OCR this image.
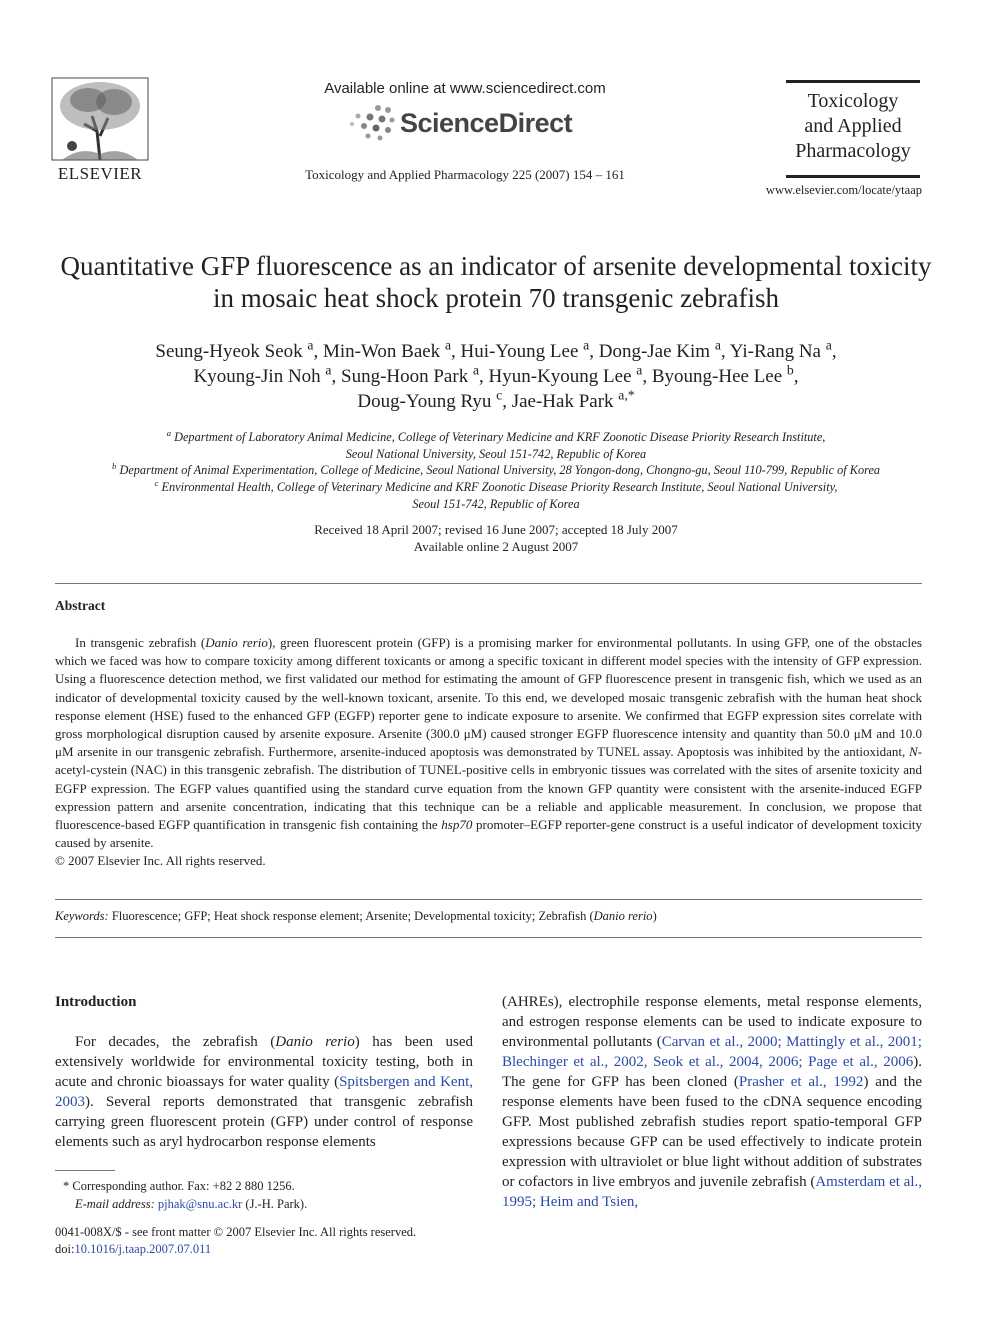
ELSEVIER
Available online at www.sciencedirect.com
ScienceDirect
Toxicology and Applied Pharmacology 225 (2007) 154 – 161
Toxicology
and Applied
Pharmacology
www.elsevier.com/locate/ytaap
Quantitative GFP fluorescence as an indicator of arsenite developmental toxicity in mosaic heat shock protein 70 transgenic zebrafish
Seung-Hyeok Seok $^a$, Min-Won Baek $^a$, Hui-Young Lee $^a$, Dong-Jae Kim $^a$, Yi-Rang Na $^a$,
Kyoung-Jin Noh $^a$, Sung-Hoon Park $^a$, Hyun-Kyoung Lee $^a$, Byoung-Hee Lee $^b$,
Doug-Young Ryu $^c$, Jae-Hak Park $^{a,*}$
$^a$ Department of Laboratory Animal Medicine, College of Veterinary Medicine and KRF Zoonotic Disease Priority Research Institute,
Seoul National University, Seoul 151-742, Republic of Korea
$^b$ Department of Animal Experimentation, College of Medicine, Seoul National University, 28 Yongon-dong, Chongno-gu, Seoul 110-799, Republic of Korea
$^c$ Environmental Health, College of Veterinary Medicine and KRF Zoonotic Disease Priority Research Institute, Seoul National University,
Seoul 151-742, Republic of Korea
Received 18 April 2007; revised 16 June 2007; accepted 18 July 2007
Available online 2 August 2007
Abstract

In transgenic zebrafish (Danio rerio), green fluorescent protein (GFP) is a promising marker for environmental pollutants. In using GFP, one of the obstacles which we faced was how to compare toxicity among different toxicants or among a specific toxicant in different model species with the intensity of GFP expression. Using a fluorescence detection method, we first validated our method for estimating the amount of GFP fluorescence present in transgenic fish, which we used as an indicator of developmental toxicity caused by the well-known toxicant, arsenite. To this end, we developed mosaic transgenic zebrafish with the human heat shock response element (HSE) fused to the enhanced GFP (EGFP) reporter gene to indicate exposure to arsenite. We confirmed that EGFP expression sites correlate with gross morphological disruption caused by arsenite exposure. Arsenite (300.0 μM) caused stronger EGFP fluorescence intensity and quantity than 50.0 μM and 10.0 μM arsenite in our transgenic zebrafish. Furthermore, arsenite-induced apoptosis was demonstrated by TUNEL assay. Apoptosis was inhibited by the antioxidant, N-acetyl-cystein (NAC) in this transgenic zebrafish. The distribution of TUNEL-positive cells in embryonic tissues was correlated with the sites of arsenite toxicity and EGFP expression. The EGFP values quantified using the standard curve equation from the known GFP quantity were consistent with the arsenite-induced EGFP expression pattern and arsenite concentration, indicating that this technique can be a reliable and applicable measurement. In conclusion, we propose that fluorescence-based EGFP quantification in transgenic fish containing the hsp70 promoter–EGFP reporter-gene construct is a useful indicator of development toxicity caused by arsenite.

© 2007 Elsevier Inc. All rights reserved.
Keywords: Fluorescence; GFP; Heat shock response element; Arsenite; Developmental toxicity; Zebrafish (Danio rerio)
Introduction
For decades, the zebrafish (Danio rerio) has been used extensively worldwide for environmental toxicity testing, both in acute and chronic bioassays for water quality (Spitsbergen and Kent, 2003). Several reports demonstrated that transgenic zebrafish carrying green fluorescent protein (GFP) under control of response elements such as aryl hydrocarbon response elements
(AHREs), electrophile response elements, metal response elements, and estrogen response elements can be used to indicate exposure to environmental pollutants (Carvan et al., 2000; Mattingly et al., 2001; Blechinger et al., 2002, Seok et al., 2004, 2006; Page et al., 2006). The gene for GFP has been cloned (Prasher et al., 1992) and the response elements have been fused to the cDNA sequence encoding GFP. Most published zebrafish studies report spatio-temporal GFP expressions because GFP can be used effectively to indicate protein expression with ultraviolet or blue light without addition of substrates or cofactors in live embryos and juvenile zebrafish (Amsterdam et al., 1995; Heim and Tsien,
* Corresponding author. Fax: +82 2 880 1256.
E-mail address: pjhak@snu.ac.kr (J.-H. Park).
0041-008X/$ - see front matter © 2007 Elsevier Inc. All rights reserved.
doi:10.1016/j.taap.2007.07.011
